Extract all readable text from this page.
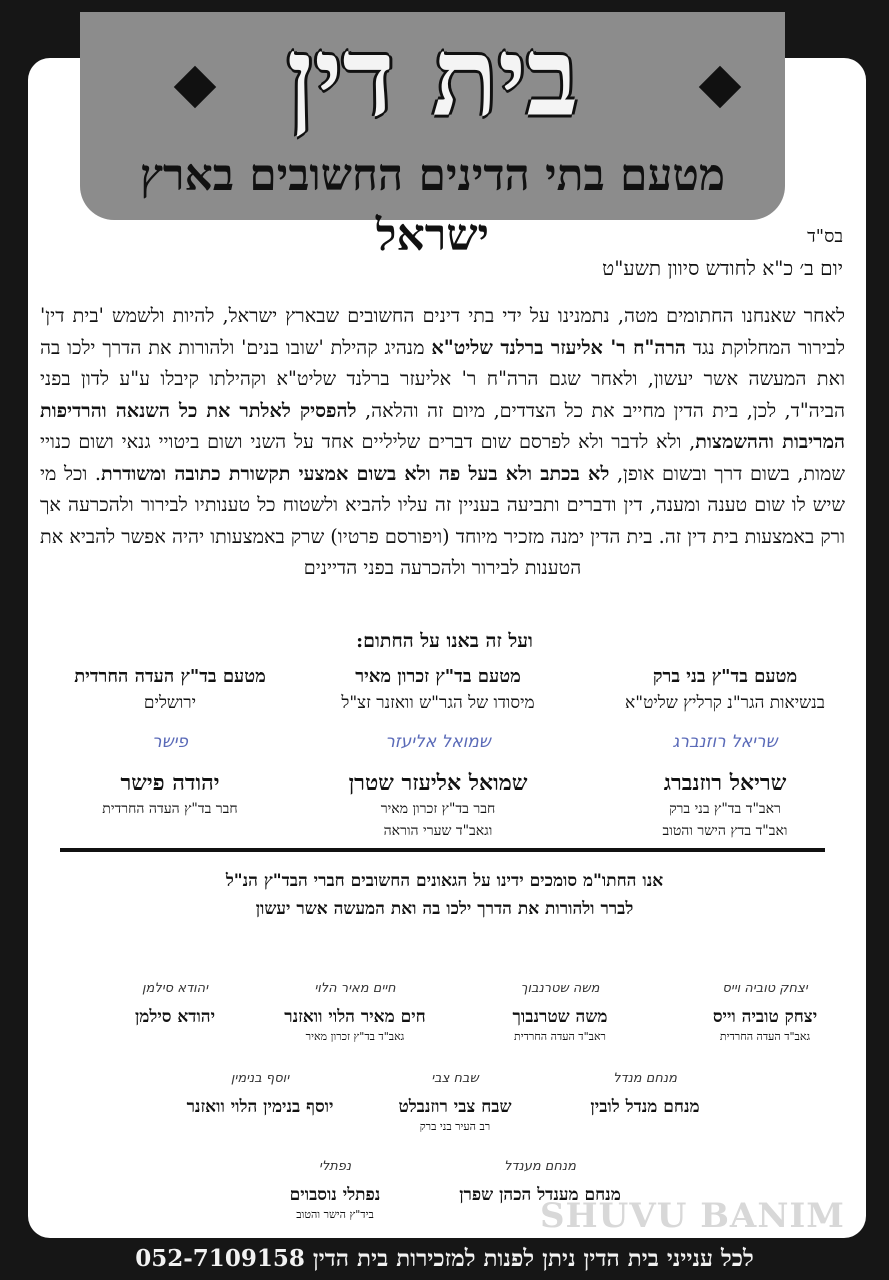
בית דין
מטעם בתי הדינים החשובים בארץ ישראל	בס"ד
יום ב׳ כ"א לחודש סיוון תשע"ט
לאחר שאנחנו החתומים מטה, נתמנינו על ידי בתי דינים החשובים שבארץ ישראל, להיות ולשמש 'בית דין' לבירור המחלוקת נגד הרה"ח ר' אליעזר ברלנד שליט"א מנהיג קהילת 'שובו בנים' ולהורות את הדרך ילכו בה ואת המעשה אשר יעשון, ולאחר שגם הרה"ח ר' אליעזר ברלנד שליט"א וקהילתו קיבלו ע"ע לדון בפני הביה"ד, לכן, בית הדין מחייב את כל הצדדים, מיום זה והלאה, להפסיק לאלתר את כל השנאה והרדיפות המריבות וההשמצות, ולא לדבר ולא לפרסם שום דברים שליליים אחד על השני ושום ביטויי גנאי ושום כנויי שמות, בשום דרך ובשום אופן, לא בכתב ולא בעל פה ולא בשום אמצעי תקשורת כתובה ומשודרת. וכל מי שיש לו שום טענה ומענה, דין ודברים ותביעה בעניין זה עליו להביא ולשטוח כל טענותיו לבירור ולהכרעה אך ורק באמצעות בית דין זה. בית הדין ימנה מזכיר מיוחד (ויפורסם פרטיו) שרק באמצעותו יהיה אפשר להביא את הטענות לבירור ולהכרעה בפני הדיינים
ועל זה באנו על החתום:
מטעם בד"ץ בני ברק
בנשיאות הגר"נ קרליץ שליט"א
שריאל רוזנברג
שריאל רוזנברג
ראב"ד בד"ץ בני ברק
ואב"ד בדץ הישר והטוב
מטעם בד"ץ זכרון מאיר
מיסודו של הגר"ש וואזנר זצ"ל
שמואל אליעזר
שמואל אליעזר שטרן
חבר בד"ץ זכרון מאיר
וגאב"ד שערי הוראה
מטעם בד"ץ העדה החרדית
ירושלים
פישר
יהודה פישר
חבר בד"ץ העדה החרדית
אנו החתו"מ סומכים ידינו על הגאונים החשובים חברי הבד"ץ הנ"ל
לברר ולהורות את הדרך ילכו בה ואת המעשה אשר יעשון
יצחק טוביה וייס
יצחק טוביה וייס
גאב"ד העדה החרדית
משה שטרנבוך
משה שטרנבוך
ראב"ד העדה החרדית
חיים מאיר הלוי
חים מאיר הלוי וואזנר
גאב"ד בד"ץ זכרון מאיר
יהודא סילמן
יהודא סילמן
מנחם מנדל
מנחם מנדל לובין
שבח צבי
שבח צבי רוזנבלט
רב העיר בני ברק
יוסף בנימין
יוסף בנימין הלוי וואזנר
מנחם מענדל
מנחם מענדל הכהן שפרן
נפתלי
נפתלי נוסבוים
ביד"ץ הישר והטוב	SHUVU BANIM
לכל ענייני בית הדין ניתן לפנות למזכירות בית הדין 052-7109158
